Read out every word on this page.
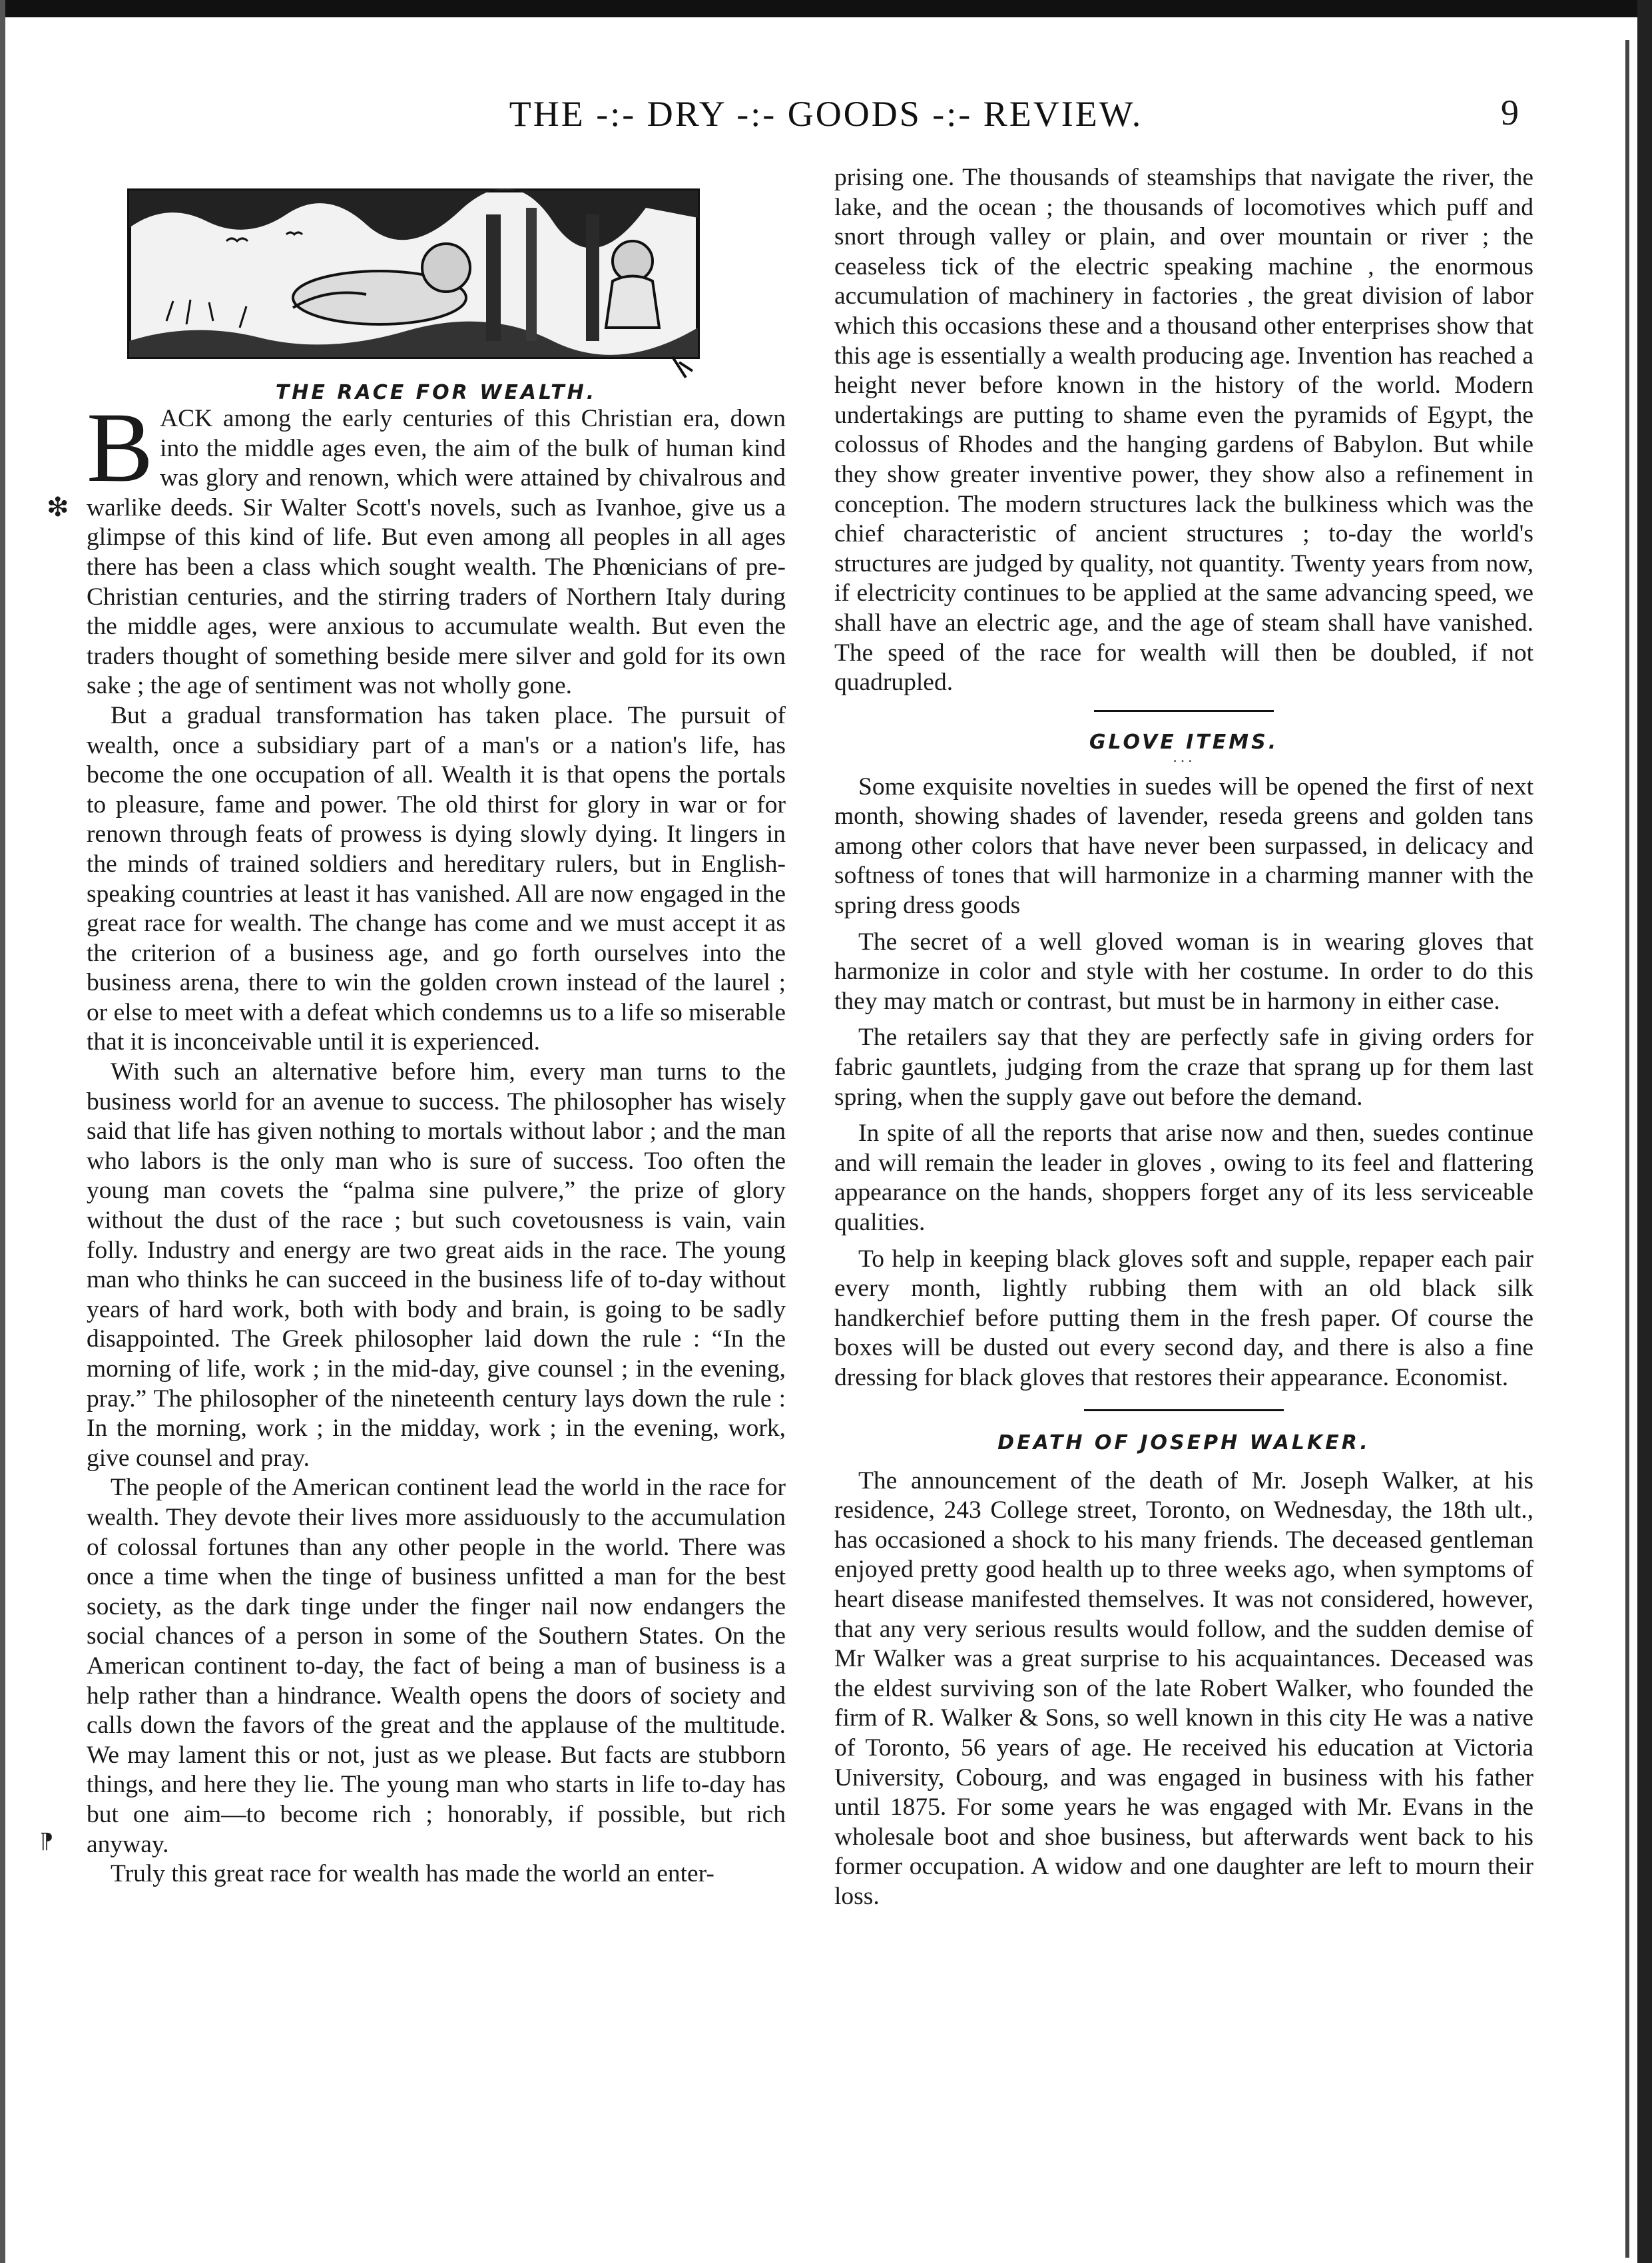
THE -:- DRY -:- GOODS -:- REVIEW.	9
❇
⁋
THE RACE FOR WEALTH.
B ACK among the early centuries of this Christian era, down into the middle ages even, the aim of the bulk of human kind was glory and renown, which were attained by chivalrous and warlike deeds. Sir Walter Scott's novels, such as Ivanhoe, give us a glimpse of this kind of life. But even among all peoples in all ages there has been a class which sought wealth. The Phœnicians of pre-Christian centuries, and the stirring traders of Northern Italy during the middle ages, were anxious to accumulate wealth. But even the traders thought of something beside mere silver and gold for its own sake ; the age of sentiment was not wholly gone.

But a gradual transformation has taken place. The pursuit of wealth, once a subsidiary part of a man's or a nation's life, has become the one occupation of all. Wealth it is that opens the portals to pleasure, fame and power. The old thirst for glory in war or for renown through feats of prowess is dying slowly dying. It lingers in the minds of trained soldiers and hereditary rulers, but in English-speaking countries at least it has vanished. All are now engaged in the great race for wealth. The change has come and we must accept it as the criterion of a business age, and go forth ourselves into the business arena, there to win the golden crown instead of the laurel ; or else to meet with a defeat which condemns us to a life so miserable that it is inconceivable until it is experienced.

With such an alternative before him, every man turns to the business world for an avenue to success. The philosopher has wisely said that life has given nothing to mortals without labor ; and the man who labors is the only man who is sure of success. Too often the young man covets the “palma sine pulvere,” the prize of glory without the dust of the race ; but such covetousness is vain, vain folly. Industry and energy are two great aids in the race. The young man who thinks he can succeed in the business life of to-day without years of hard work, both with body and brain, is going to be sadly disappointed. The Greek philosopher laid down the rule : “In the morning of life, work ; in the mid-day, give counsel ; in the evening, pray.” The philosopher of the nineteenth century lays down the rule : In the morning, work ; in the midday, work ; in the evening, work, give counsel and pray.

The people of the American continent lead the world in the race for wealth. They devote their lives more assiduously to the accumulation of colossal fortunes than any other people in the world. There was once a time when the tinge of business unfitted a man for the best society, as the dark tinge under the finger nail now endangers the social chances of a person in some of the Southern States. On the American continent to-day, the fact of being a man of business is a help rather than a hindrance. Wealth opens the doors of society and calls down the favors of the great and the applause of the multitude. We may lament this or not, just as we please. But facts are stubborn things, and here they lie. The young man who starts in life to-day has but one aim—to become rich ; honorably, if possible, but rich anyway.

Truly this great race for wealth has made the world an enter-

prising one. The thousands of steamships that navigate the river, the lake, and the ocean ; the thousands of locomotives which puff and snort through valley or plain, and over mountain or river ; the ceaseless tick of the electric speaking machine , the enormous accumulation of machinery in factories , the great division of labor which this occasions these and a thousand other enterprises show that this age is essentially a wealth producing age. Invention has reached a height never before known in the history of the world. Modern undertakings are putting to shame even the pyramids of Egypt, the colossus of Rhodes and the hanging gardens of Babylon. But while they show greater inventive power, they show also a refinement in conception. The modern structures lack the bulkiness which was the chief characteristic of ancient structures ; to-day the world's structures are judged by quality, not quantity. Twenty years from now, if electricity continues to be applied at the same advancing speed, we shall have an electric age, and the age of steam shall have vanished. The speed of the race for wealth will then be doubled, if not quadrupled.

GLOVE ITEMS.
···

Some exquisite novelties in suedes will be opened the first of next month, showing shades of lavender, reseda greens and golden tans among other colors that have never been surpassed, in delicacy and softness of tones that will harmonize in a charming manner with the spring dress goods

The secret of a well gloved woman is in wearing gloves that harmonize in color and style with her costume. In order to do this they may match or contrast, but must be in harmony in either case.

The retailers say that they are perfectly safe in giving orders for fabric gauntlets, judging from the craze that sprang up for them last spring, when the supply gave out before the demand.

In spite of all the reports that arise now and then, suedes continue and will remain the leader in gloves , owing to its feel and flattering appearance on the hands, shoppers forget any of its less serviceable qualities.

To help in keeping black gloves soft and supple, repaper each pair every month, lightly rubbing them with an old black silk handkerchief before putting them in the fresh paper. Of course the boxes will be dusted out every second day, and there is also a fine dressing for black gloves that restores their appearance. Economist.

DEATH OF JOSEPH WALKER.

The announcement of the death of Mr. Joseph Walker, at his residence, 243 College street, Toronto, on Wednesday, the 18th ult., has occasioned a shock to his many friends. The deceased gentleman enjoyed pretty good health up to three weeks ago, when symptoms of heart disease manifested themselves. It was not considered, however, that any very serious results would follow, and the sudden demise of Mr Walker was a great surprise to his acquaintances. Deceased was the eldest surviving son of the late Robert Walker, who founded the firm of R. Walker & Sons, so well known in this city He was a native of Toronto, 56 years of age. He received his education at Victoria University, Cobourg, and was engaged in business with his father until 1875. For some years he was engaged with Mr. Evans in the wholesale boot and shoe business, but afterwards went back to his former occupation. A widow and one daughter are left to mourn their loss.
